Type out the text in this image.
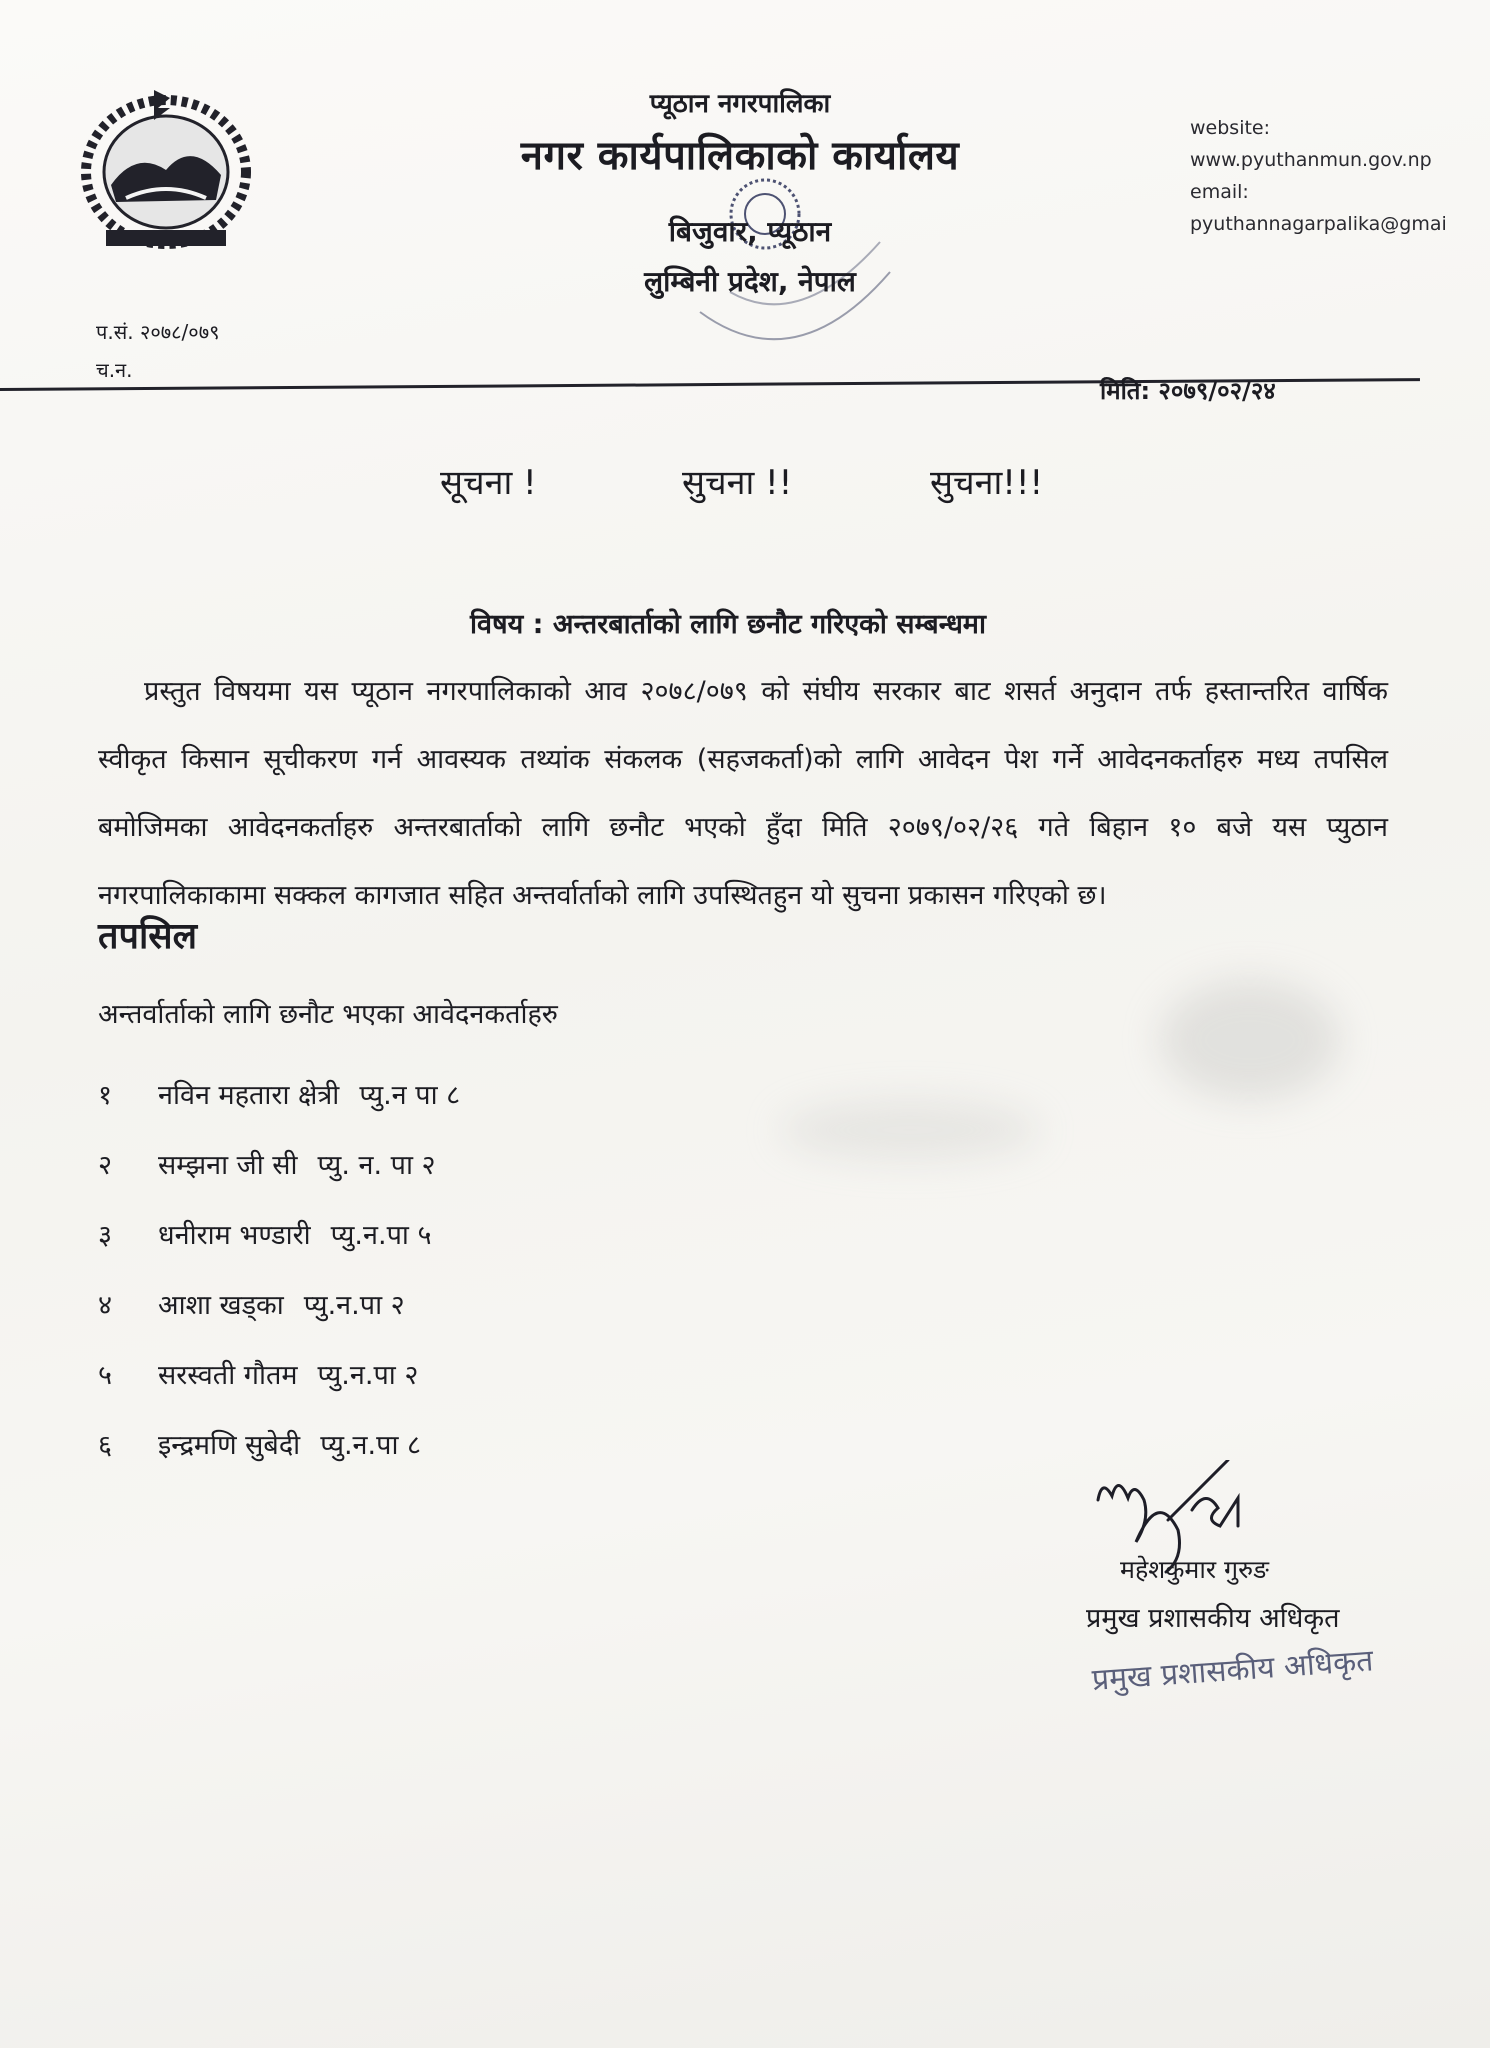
प्यूठान नगरपालिका
नगर कार्यपालिकाको कार्यालय
बिजुवार, प्यूठान
लुम्बिनी प्रदेश, नेपाल
website:
www.pyuthanmun.gov.np
email:
pyuthannagarpalika@gmai
प.सं. २०७८/०७९
च.न.
मिति: २०७९/०२/२४
सूचना !	सुचना !!	सुचना!!!
विषय : अन्तरबार्ताको लागि छनौट गरिएको सम्बन्धमा
प्रस्तुत विषयमा यस प्यूठान नगरपालिकाको आव २०७८/०७९ को संघीय सरकार बाट शसर्त अनुदान तर्फ हस्तान्तरित वार्षिक स्वीकृत किसान सूचीकरण गर्न आवस्यक तथ्यांक संकलक (सहजकर्ता)को लागि आवेदन पेश गर्ने आवेदनकर्ताहरु मध्य तपसिल बमोजिमका आवेदनकर्ताहरु अन्तरबार्ताको लागि छनौट भएको हुँदा मिति २०७९/०२/२६ गते बिहान १० बजे यस प्युठान नगरपालिकाकामा सक्कल कागजात सहित अन्तर्वार्ताको लागि उपस्थितहुन यो सुचना प्रकासन गरिएको छ।
तपसिल
अन्तर्वार्ताको लागि छनौट भएका आवेदनकर्ताहरु
१	नविन महतारा क्षेत्री प्यु.न पा ८
२	सम्झना जी सी प्यु. न. पा २
३	धनीराम भण्डारी प्यु.न.पा ५
४	आशा खड्का प्यु.न.पा २
५	सरस्वती गौतम प्यु.न.पा २
६	इन्द्रमणि सुबेदी प्यु.न.पा ८
महेशकुमार गुरुङ
प्रमुख प्रशासकीय अधिकृत
प्रमुख प्रशासकीय अधिकृत
